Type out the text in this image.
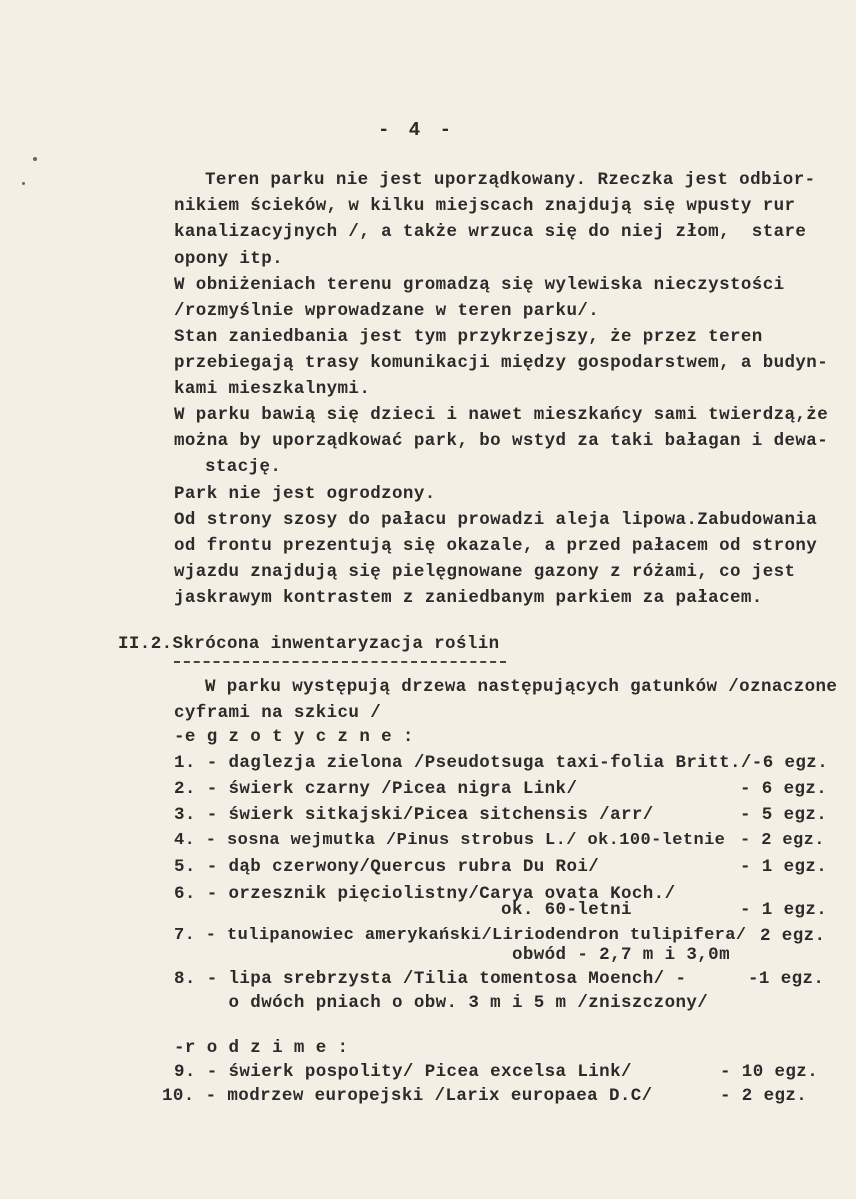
- 4 -
Teren parku nie jest uporządkowany. Rzeczka jest odbior-
nikiem ścieków, w kilku miejscach znajdują się wpusty rur
kanalizacyjnych /, a także wrzuca się do niej złom,  stare
opony itp.
W obniżeniach terenu gromadzą się wylewiska nieczystości
/rozmyślnie wprowadzane w teren parku/.
Stan zaniedbania jest tym przykrzejszy, że przez teren
przebiegają trasy komunikacji między gospodarstwem, a budyn-
kami mieszkalnymi.
W parku bawią się dzieci i nawet mieszkańcy sami twierdzą,że
można by uporządkować park, bo wstyd za taki bałagan i dewa-
stację.
Park nie jest ogrodzony.
Od strony szosy do pałacu prowadzi aleja lipowa.Zabudowania
od frontu prezentują się okazale, a przed pałacem od strony
wjazdu znajdują się pielęgnowane gazony z różami, co jest
jaskrawym kontrastem z zaniedbanym parkiem za pałacem.
II.2.Skrócona inwentaryzacja roślin
W parku występują drzewa następujących gatunków /oznaczone
cyframi na szkicu /
-e g z o t y c z n e :
1. - daglezja zielona /Pseudotsuga taxi-folia Britt./-6 egz.
2. - świerk czarny /Picea nigra Link/	- 6 egz.
3. - świerk sitkajski/Picea sitchensis /arr/	- 5 egz.
4. - sosna wejmutka /Pinus strobus L./ ok.100-letnie - 2 egz.
5. - dąb czerwony/Quercus rubra Du Roi/	- 1 egz.
6. - orzesznik pięciolistny/Carya ovata Koch./
ok. 60-letni	- 1 egz.
7. - tulipanowiec amerykański/Liriodendron tulipifera/ 2 egz.
obwód - 2,7 m i 3,0m
8. - lipa srebrzysta /Tilia tomentosa Moench/ -	-1 egz.
o dwóch pniach o obw. 3 m i 5 m /zniszczony/
-r o d z i m e :
9. - świerk pospolity/ Picea excelsa Link/	- 10 egz.
10. - modrzew europejski /Larix europaea D.C/	- 2 egz.
